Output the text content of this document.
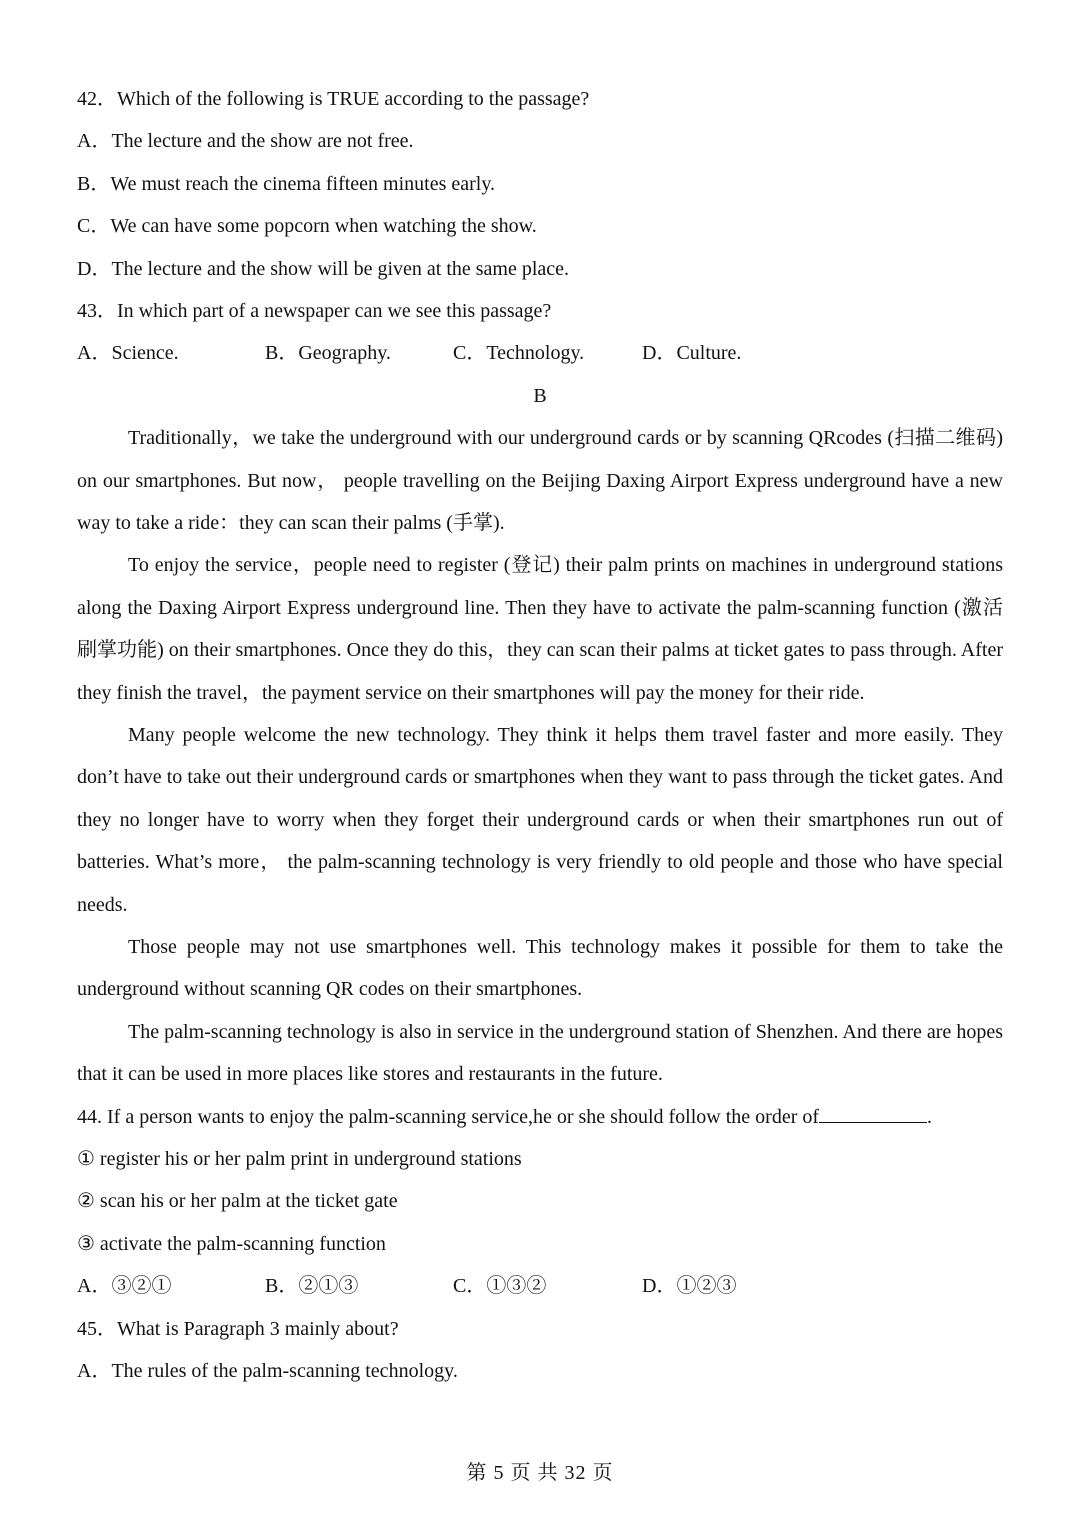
42．Which of the following is TRUE according to the passage?
A．The lecture and the show are not free.
B．We must reach the cinema fifteen minutes early.
C．We can have some popcorn when watching the show.
D．The lecture and the show will be given at the same place.
43．In which part of a newspaper can we see this passage?
A．Science.	B．Geography.	C．Technology.	D．Culture.
B

Traditionally，we take the underground with our underground cards or by scanning QRcodes (扫描二维码) on our smartphones. But now， people travelling on the Beijing Daxing Airport Express underground have a new way to take a ride：they can scan their palms (手掌).

To enjoy the service，people need to register (登记) their palm prints on machines in underground stations along the Daxing Airport Express underground line. Then they have to activate the palm-scanning function (激活刷掌功能) on their smartphones. Once they do this，they can scan their palms at ticket gates to pass through. After they finish the travel，the payment service on their smartphones will pay the money for their ride.

Many people welcome the new technology. They think it helps them travel faster and more easily. They don’t have to take out their underground cards or smartphones when they want to pass through the ticket gates. And they no longer have to worry when they forget their underground cards or when their smartphones run out of batteries. What’s more， the palm-scanning technology is very friendly to old people and those who have special needs.

Those people may not use smartphones well. This technology makes it possible for them to take the underground without scanning QR codes on their smartphones.

The palm-scanning technology is also in service in the underground station of Shenzhen. And there are hopes that it can be used in more places like stores and restaurants in the future.

44. If a person wants to enjoy the palm-scanning service,he or she should follow the order of	.
① register his or her palm print in underground stations
② scan his or her palm at the ticket gate
③ activate the palm-scanning function
A．③②①	B．②①③	C．①③②	D．①②③
45．What is Paragraph 3 mainly about?
A．The rules of the palm-scanning technology.
第 5 页 共 32 页
